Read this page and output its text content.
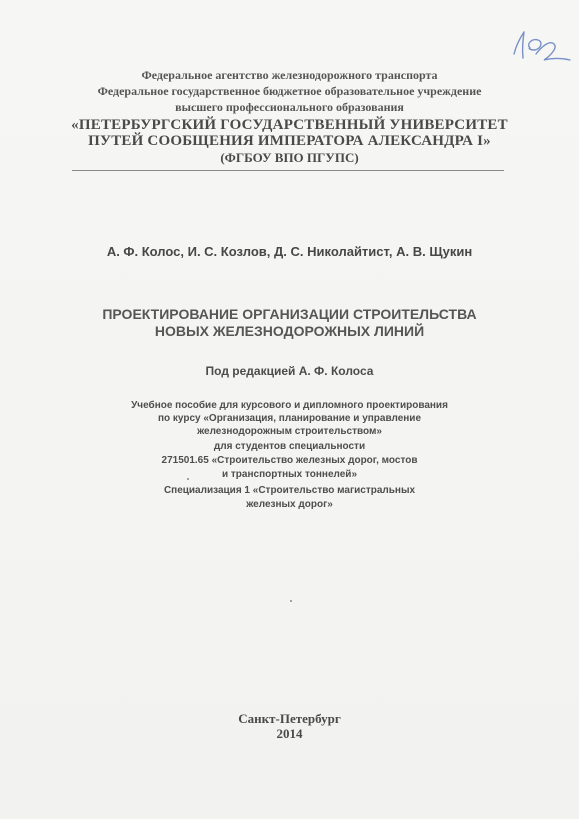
Федеральное агентство железнодорожного транспорта
Федеральное государственное бюджетное образовательное учреждение
высшего профессионального образования
«ПЕТЕРБУРГСКИЙ ГОСУДАРСТВЕННЫЙ УНИВЕРСИТЕТ
ПУТЕЙ СООБЩЕНИЯ ИМПЕРАТОРА АЛЕКСАНДРА I»
(ФГБОУ ВПО ПГУПС)
А. Ф. Колос, И. С. Козлов, Д. С. Николайтист, А. В. Щукин
ПРОЕКТИРОВАНИЕ ОРГАНИЗАЦИИ СТРОИТЕЛЬСТВА
НОВЫХ ЖЕЛЕЗНОДОРОЖНЫХ ЛИНИЙ
Под редакцией А. Ф. Колоса
Учебное пособие для курсового и дипломного проектирования
по курсу «Организация, планирование и управление
железнодорожным строительством»
для студентов специальности
271501.65 «Строительство железных дорог, мостов
и транспортных тоннелей»
Специализация 1 «Строительство магистральных
железных дорог»
Санкт-Петербург
2014
